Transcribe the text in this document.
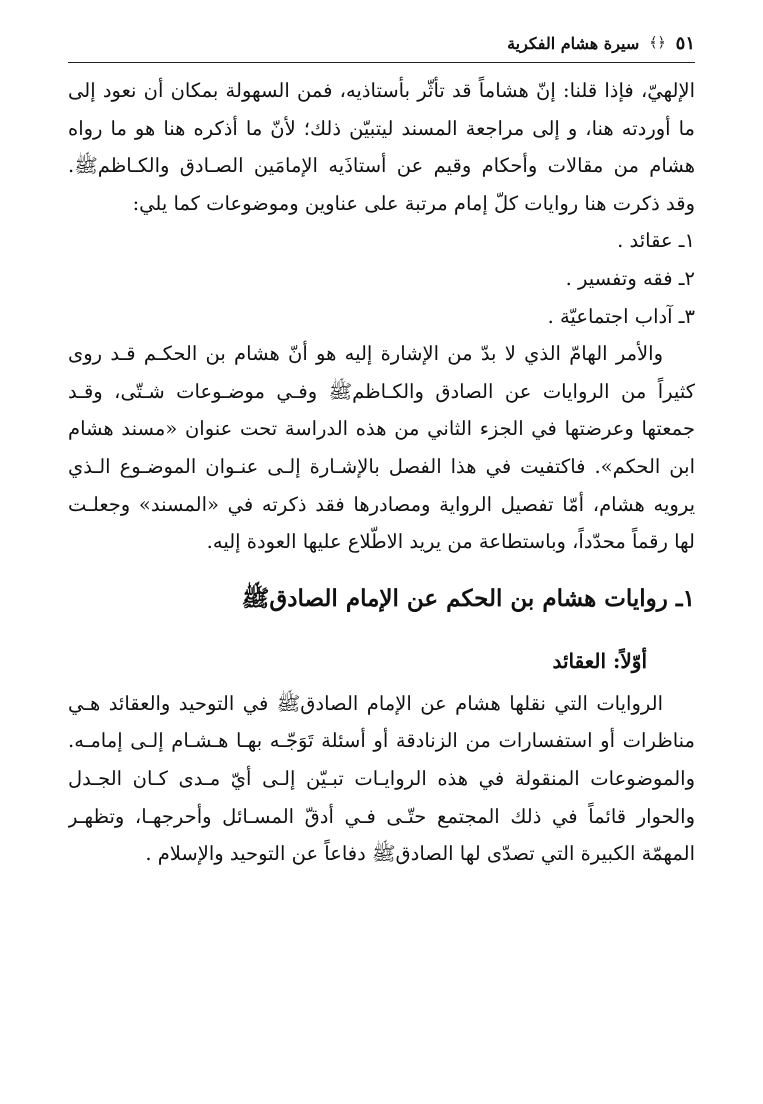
٥١
﴿﴾
سيرة هشام الفكرية
الإلهيّ، فإذا قلنا: إنّ هشاماً قد تأثّر بأستاذيه، فمن السهولة بمكان أن نعود إلى
ما أوردته هنا، و إلى مراجعة المسند ليتبيّن ذلك؛ لأنّ ما أذكره هنا هو ما رواه
هشام من مقالات وأحكام وقيم عن أستاذَيه الإمامَين الصـادق والكـاظمﷺ.
وقد ذكرت هنا روايات كلّ إمام مرتبة على عناوين وموضوعات كما يلي:
١ـ عقائد .
٢ـ فقه وتفسير .
٣ـ آداب اجتماعيّة .
والأمر الهامّ الذي لا بدّ من الإشارة إليه هو أنّ هشام بن الحكـم قـد روى
كثيراً من الروايات عن الصادق والكـاظمﷺ وفـي موضـوعات شـتّى، وقـد
جمعتها وعرضتها في الجزء الثاني من هذه الدراسة تحت عنوان «مسند هشام
ابن الحكم». فاكتفيت في هذا الفصل بالإشـارة إلـى عنـوان الموضـوع الـذي
يرويه هشام، أمّا تفصيل الرواية ومصادرها فقد ذكرته في «المسند» وجعلـت
لها رقماً محدّداً، وباستطاعة من يريد الاطّلاع عليها العودة إليه.
١ـ روايات هشام بن الحكم عن الإمام الصادقﷺ
أوّلاً: العقائد
الروايات التي نقلها هشام عن الإمام الصادقﷺ في التوحيد والعقائد هـي
مناظرات أو استفسارات من الزنادقة أو أسئلة تَوَجّـه بهـا هـشـام إلـى إمامـه.
والموضوعات المنقولة في هذه الروايـات تبـيّن إلـى أيّ مـدى كـان الجـدل
والحوار قائماً في ذلك المجتمع حتّـى فـي أدقّ المسـائل وأحرجهـا، وتظهـر
المهمّة الكبيرة التي تصدّى لها الصادقﷺ دفاعاً عن التوحيد والإسلام .
